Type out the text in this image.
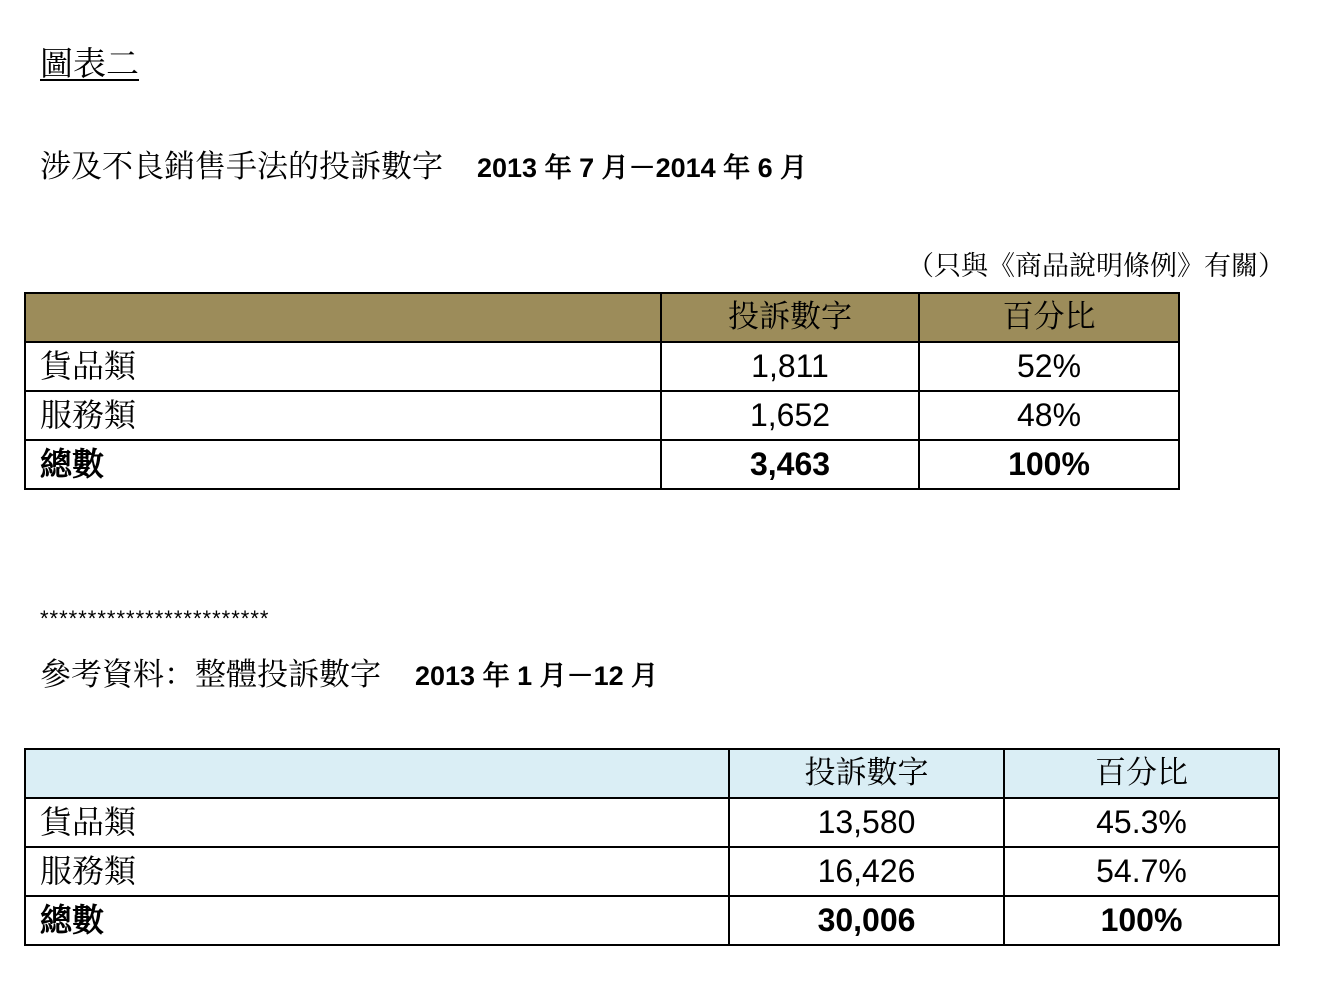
圖表二
涉及不良銷售手法的投訴數字 2013 年 7 月－2014 年 6 月
（只與《商品說明條例》有關）
	投訴數字	百分比
貨品類	1,811	52%
服務類	1,652	48%
總數	3,463	100%
************************
參考資料：整體投訴數字 2013 年 1 月－12 月
	投訴數字	百分比
貨品類	13,580	45.3%
服務類	16,426	54.7%
總數	30,006	100%
